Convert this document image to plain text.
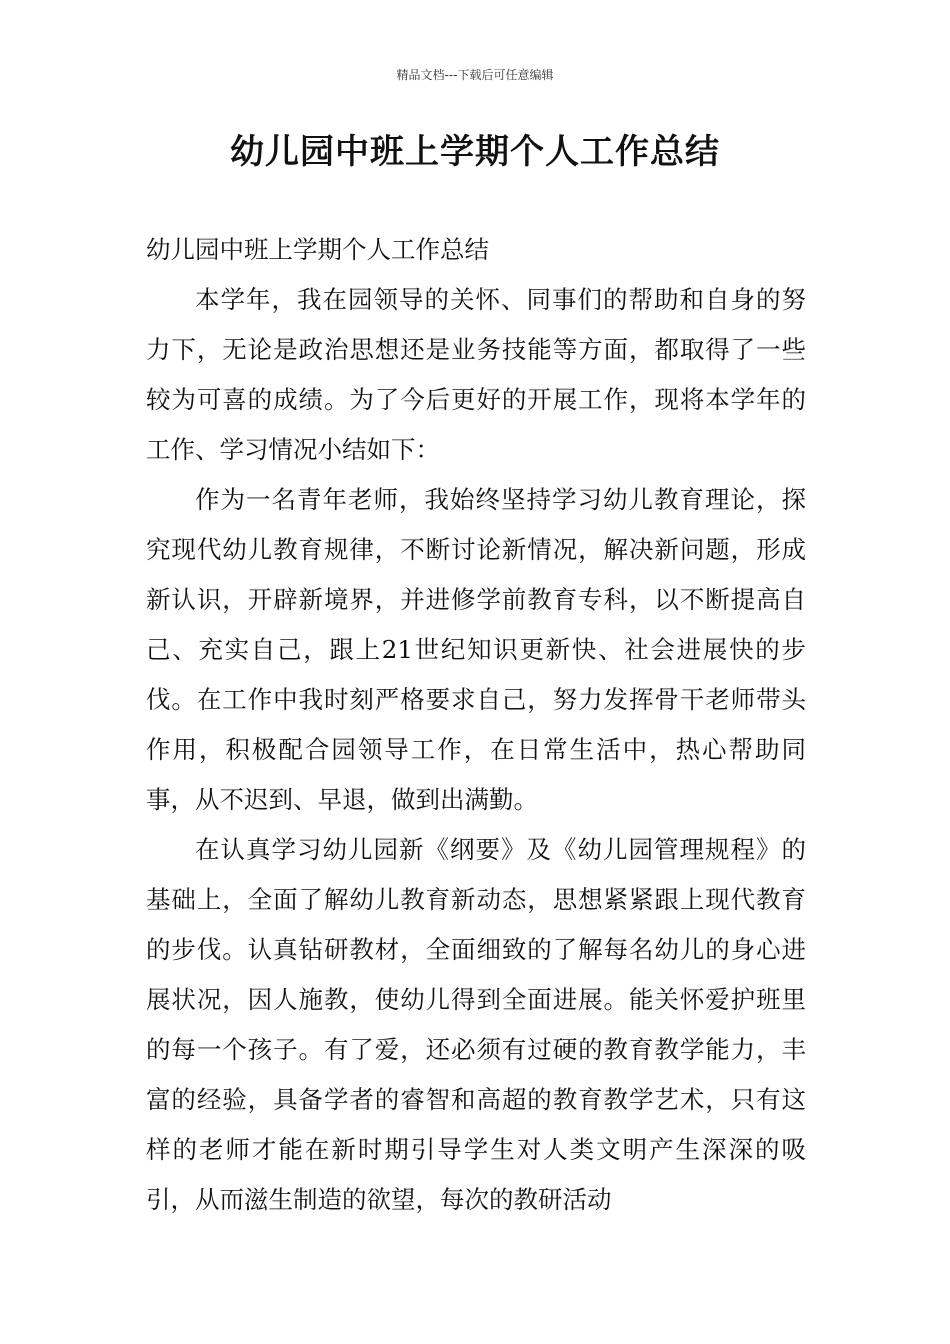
精品文档---下载后可任意编辑
幼儿园中班上学期个人工作总结

幼儿园中班上学期个人工作总结

本学年，我在园领导的关怀、同事们的帮助和自身的努力下，无论是政治思想还是业务技能等方面，都取得了一些较为可喜的成绩。为了今后更好的开展工作，现将本学年的工作、学习情况小结如下：

作为一名青年老师，我始终坚持学习幼儿教育理论，探究现代幼儿教育规律，不断讨论新情况，解决新问题，形成新认识，开辟新境界，并进修学前教育专科，以不断提高自己、充实自己，跟上21世纪知识更新快、社会进展快的步伐。在工作中我时刻严格要求自己，努力发挥骨干老师带头作用，积极配合园领导工作，在日常生活中，热心帮助同事，从不迟到、早退，做到出满勤。

在认真学习幼儿园新《纲要》及《幼儿园管理规程》的基础上，全面了解幼儿教育新动态，思想紧紧跟上现代教育的步伐。认真钻研教材，全面细致的了解每名幼儿的身心进展状况，因人施教，使幼儿得到全面进展。能关怀爱护班里的每一个孩子。有了爱，还必须有过硬的教育教学能力，丰富的经验，具备学者的睿智和高超的教育教学艺术，只有这样的老师才能在新时期引导学生对人类文明产生深深的吸引，从而滋生制造的欲望，每次的教研活动
